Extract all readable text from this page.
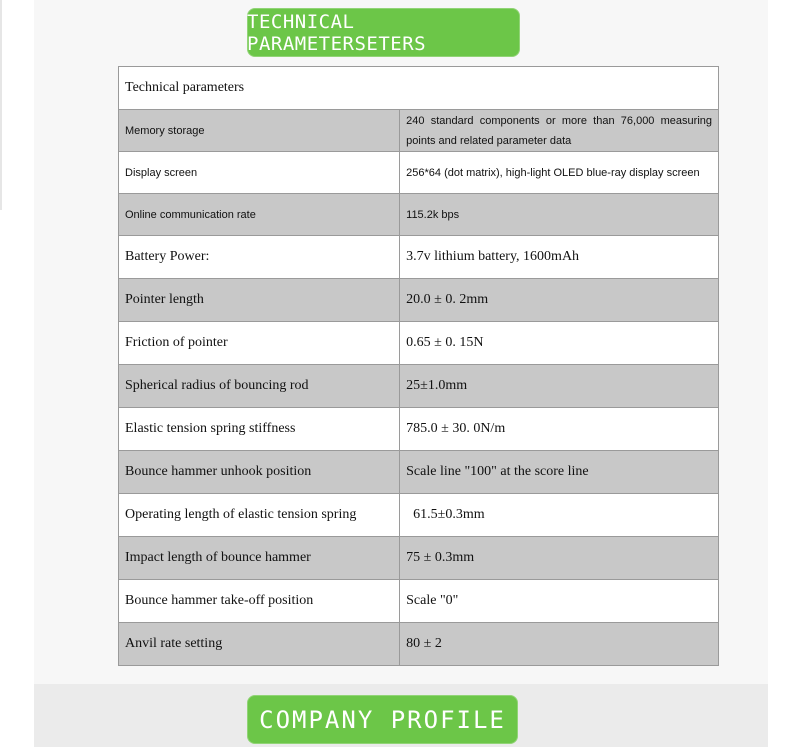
TECHNICAL PARAMETERSETERS
Technical parameters	
Memory storage	240 standard components or more than 76,000 measuring points and related parameter data
Display screen	256*64 (dot matrix), high-light OLED blue-ray display screen
Online communication rate	115.2k bps
Battery Power:	3.7v lithium battery, 1600mAh
Pointer length	20.0 ± 0. 2mm
Friction of pointer	0.65 ± 0. 15N
Spherical radius of bouncing rod	25±1.0mm
Elastic tension spring stiffness	785.0 ± 30. 0N/m
Bounce hammer unhook position	Scale line "100" at the score line
Operating length of elastic tension spring	61.5±0.3mm
Impact length of bounce hammer	75 ± 0.3mm
Bounce hammer take-off position	Scale "0"
Anvil rate setting	80 ± 2
COMPANY PROFILE
